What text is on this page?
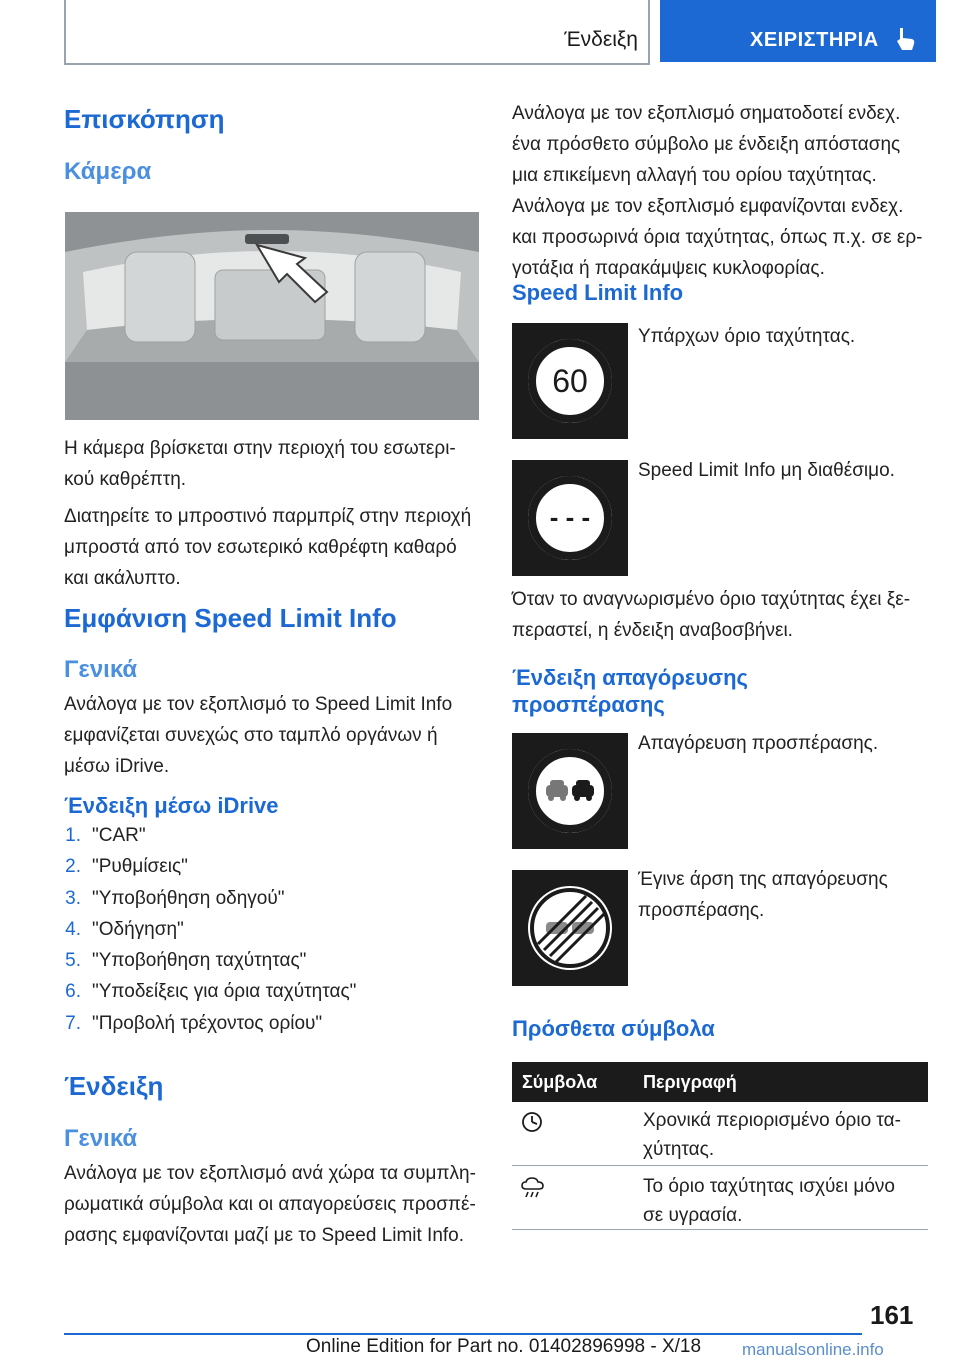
Ένδειξη	ΧΕΙΡΙΣΤΗΡΙΑ
Επισκόπηση
Κάμερα
Η κάμερα βρίσκεται στην περιοχή του εσωτερι‐
κού καθρέπτη.
Διατηρείτε το μπροστινό παρμπρίζ στην περιοχή
μπροστά από τον εσωτερικό καθρέφτη καθαρό
και ακάλυπτο.
Εμφάνιση Speed Limit Info
Γενικά
Ανάλογα με τον εξοπλισμό το Speed Limit Info
εμφανίζεται συνεχώς στο ταμπλό οργάνων ή
μέσω iDrive.
Ένδειξη μέσω iDrive
1. "CAR"
2. "Ρυθμίσεις"
3. "Υποβοήθηση οδηγού"
4. "Οδήγηση"
5. "Υποβοήθηση ταχύτητας"
6. "Υποδείξεις για όρια ταχύτητας"
7. "Προβολή τρέχοντος ορίου"
Ένδειξη
Γενικά
Ανάλογα με τον εξοπλισμό ανά χώρα τα συμπλη‐
ρωματικά σύμβολα και οι απαγορεύσεις προσπέ‐
ρασης εμφανίζονται μαζί με το Speed Limit Info.
Ανάλογα με τον εξοπλισμό σηματοδοτεί ενδεχ.
ένα πρόσθετο σύμβολο με ένδειξη απόστασης
μια επικείμενη αλλαγή του ορίου ταχύτητας.
Ανάλογα με τον εξοπλισμό εμφανίζονται ενδεχ.
και προσωρινά όρια ταχύτητας, όπως π.χ. σε ερ‐
γοτάξια ή παρακάμψεις κυκλοφορίας.
Speed Limit Info
60
Υπάρχων όριο ταχύτητας.
- - -
Speed Limit Info μη διαθέσιμο.
Όταν το αναγνωρισμένο όριο ταχύτητας έχει ξε‐
περαστεί, η ένδειξη αναβοσβήνει.
Ένδειξη απαγόρευσης
προσπέρασης
Απαγόρευση προσπέρασης.
Έγινε άρση της απαγόρευσης
προσπέρασης.
Πρόσθετα σύμβολα
Σύμβολα	Περιγραφή
Χρονικά περιορισμένο όριο τα‐
χύτητας.
Το όριο ταχύτητας ισχύει μόνο
σε υγρασία.
161
Online Edition for Part no. 01402896998 - X/18 manualsonline.info
